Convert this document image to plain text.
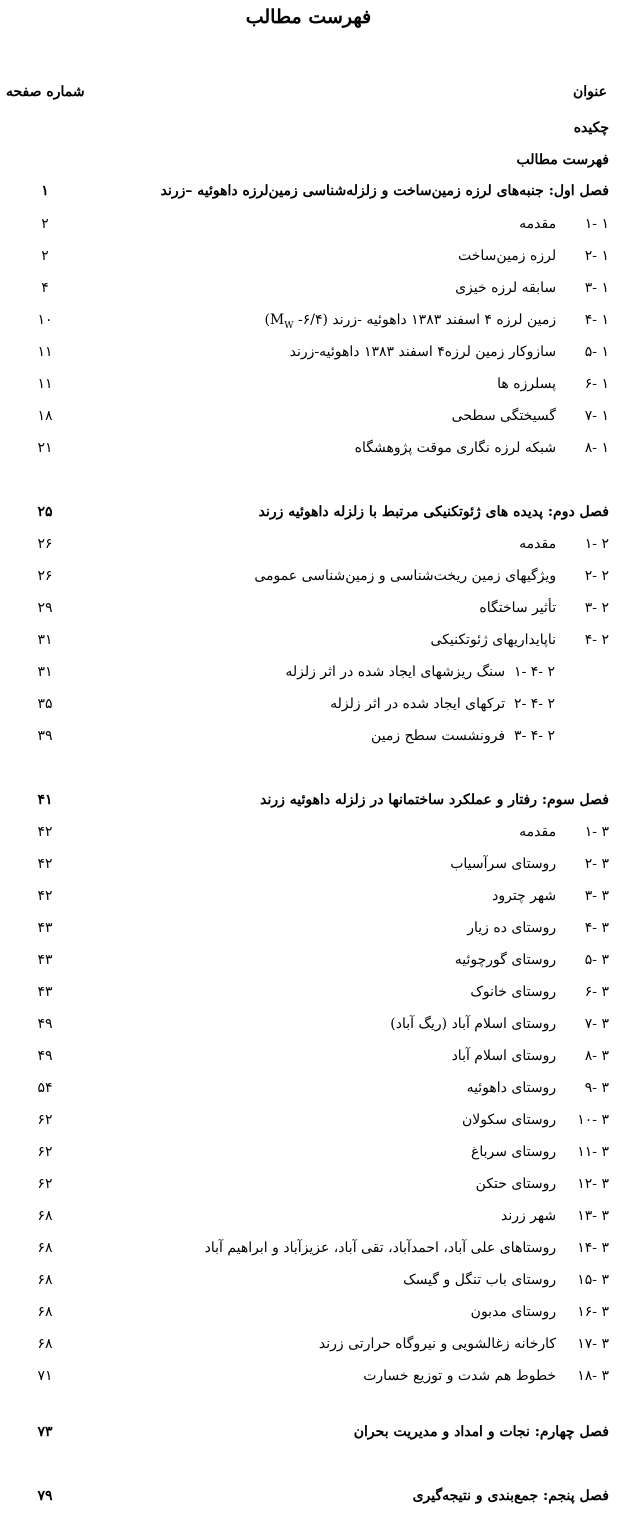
فهرست مطالب
عنوان
شماره صفحه
چکیده
فهرست مطالب
فصل اول: جنبه‌های لرزه زمین‌ساخت و زلزله‌شناسی زمین‌لرزه داهوئیه –زرند
۱
۱ -۱  مقدمه
۲
۱ -۲  لرزه زمین‌ساخت
۲
۱ -۳  سابقه لرزه خیزی
۴
۱ -۴  زمین لرزه ۴ اسفند ۱۳۸۳ داهوئیه -زرند ($M_W$ -۶/۴)
۱۰
۱ -۵  سازوکار زمین لرزه۴ اسفند ۱۳۸۳ داهوئیه-زرند
۱۱
۱ -۶  پسلرزه ها
۱۱
۱ -۷  گسیختگی سطحی
۱۸
۱ -۸  شبکه لرزه نگاری موقت پژوهشگاه
۲۱
فصل دوم: پدیده های ژئوتکنیکی مرتبط با زلزله داهوئیه زرند
۲۵
۲ -۱  مقدمه
۲۶
۲ -۲  ویژگیهای زمین ریخت‌شناسی و زمین‌شناسی عمومی
۲۶
۲ -۳  تأثیر ساختگاه
۲۹
۲ -۴  ناپایداریهای ژئوتکنیکی
۳۱
۲ -۴ -۱  سنگ ریزشهای ایجاد شده در اثر زلزله
۳۱
۲ -۴ -۲  ترکهای ایجاد شده در اثر زلزله
۳۵
۲ -۴ -۳  فرونشست سطح زمین
۳۹
فصل سوم: رفتار و عملکرد ساختمانها در زلزله داهوئیه زرند
۴۱
۳ -۱  مقدمه
۴۲
۳ -۲  روستای سرآسیاب
۴۲
۳ -۳  شهر چترود
۴۲
۳ -۴  روستای ده زیار
۴۳
۳ -۵  روستای گورچوئیه
۴۳
۳ -۶  روستای خانوک
۴۳
۳ -۷  روستای اسلام آباد (ریگ آباد)
۴۹
۳ -۸  روستای اسلام آباد
۴۹
۳ -۹  روستای داهوئیه
۵۴
۳ -۱۰  روستای سکولان
۶۲
۳ -۱۱  روستای سرباغ
۶۲
۳ -۱۲  روستای حتکن
۶۲
۳ -۱۳  شهر زرند
۶۸
۳ -۱۴  روستاهای علی آباد، احمدآباد، تقی آباد، عزیزآباد و ابراهیم آباد
۶۸
۳ -۱۵  روستای باب تنگل و گیسک
۶۸
۳ -۱۶  روستای مدبون
۶۸
۳ -۱۷  کارخانه زغالشویی و نیروگاه حرارتی زرند
۶۸
۳ -۱۸  خطوط هم شدت و توزیع خسارت
۷۱
فصل چهارم: نجات و امداد و مدیریت بحران
۷۳
فصل پنجم: جمع‌بندی و نتیجه‌گیری
۷۹
